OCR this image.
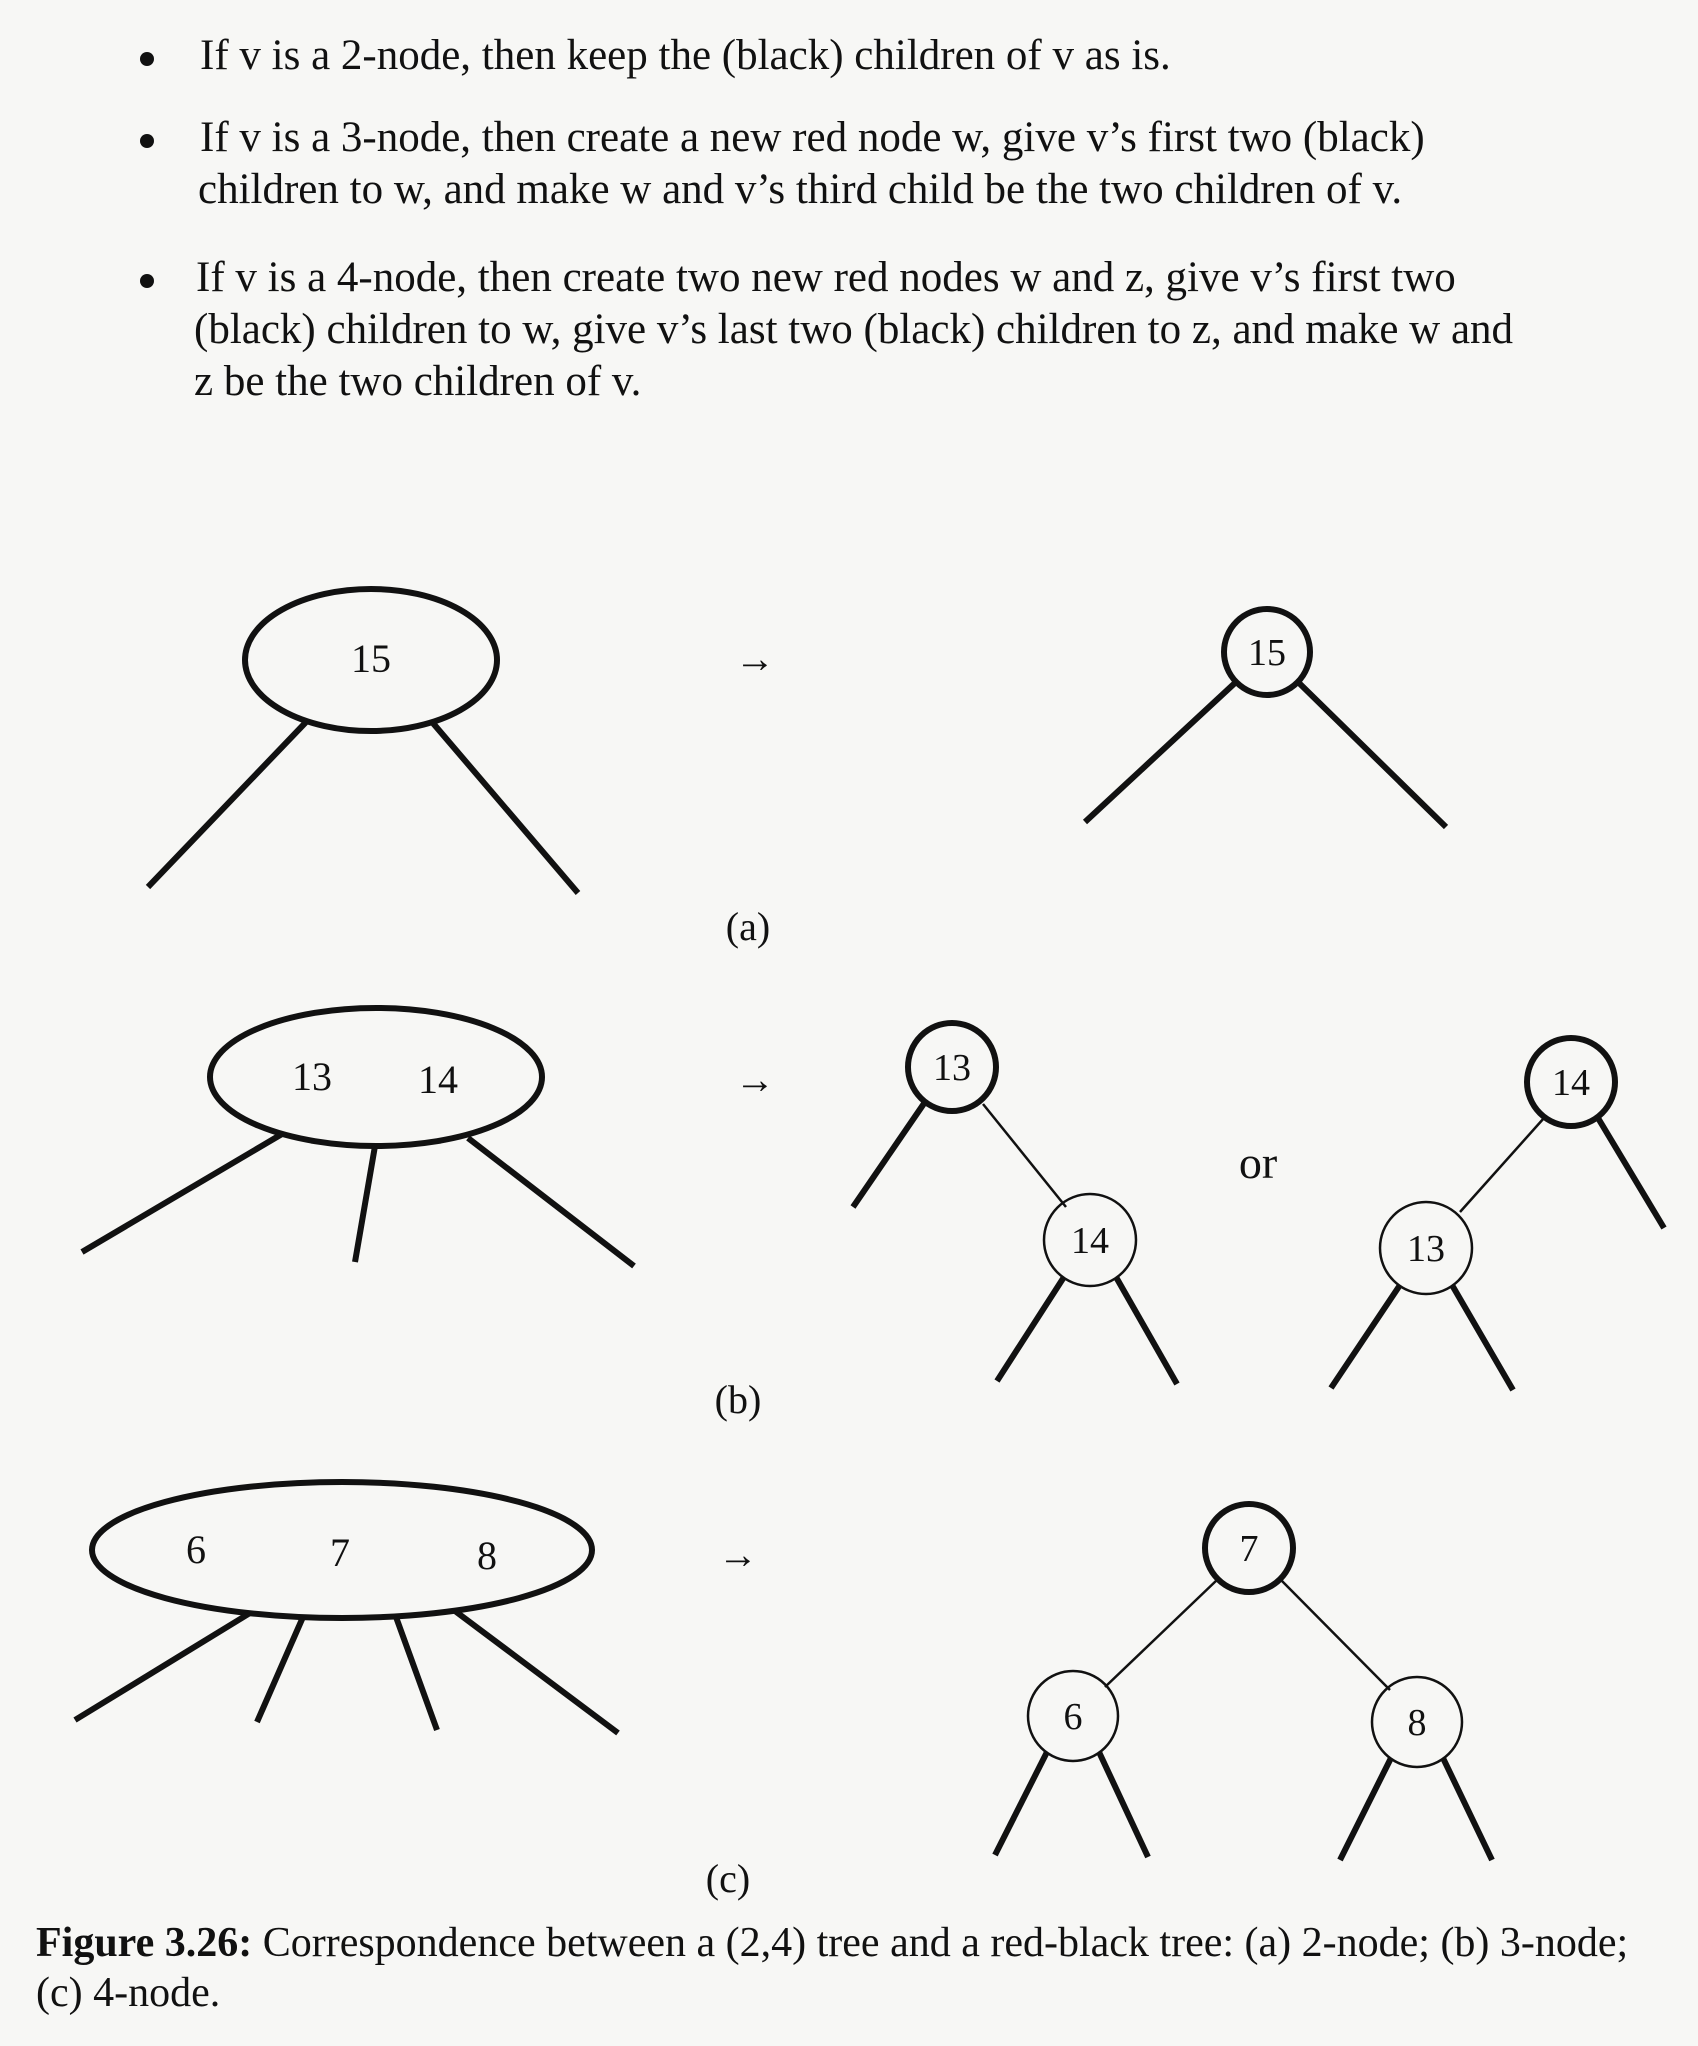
If v is a 2-node, then keep the (black) children of v as is.

If v is a 3-node, then create a new red node w, give v’s first two (black)
children to w, and make w and v’s third child be the two children of v.

If v is a 4-node, then create two new red nodes w and z, give v’s first two
(black) children to w, give v’s last two (black) children to z, and make w and
z be the two children of v.

15	→	15
(a)
13 14	→	13
14
or
14
13
(b)
6	7	8	→	7
6	8
(c)
Figure 3.26: Correspondence between a (2,4) tree and a red-black tree: (a) 2-node; (b) 3-node; (c) 4-node.
